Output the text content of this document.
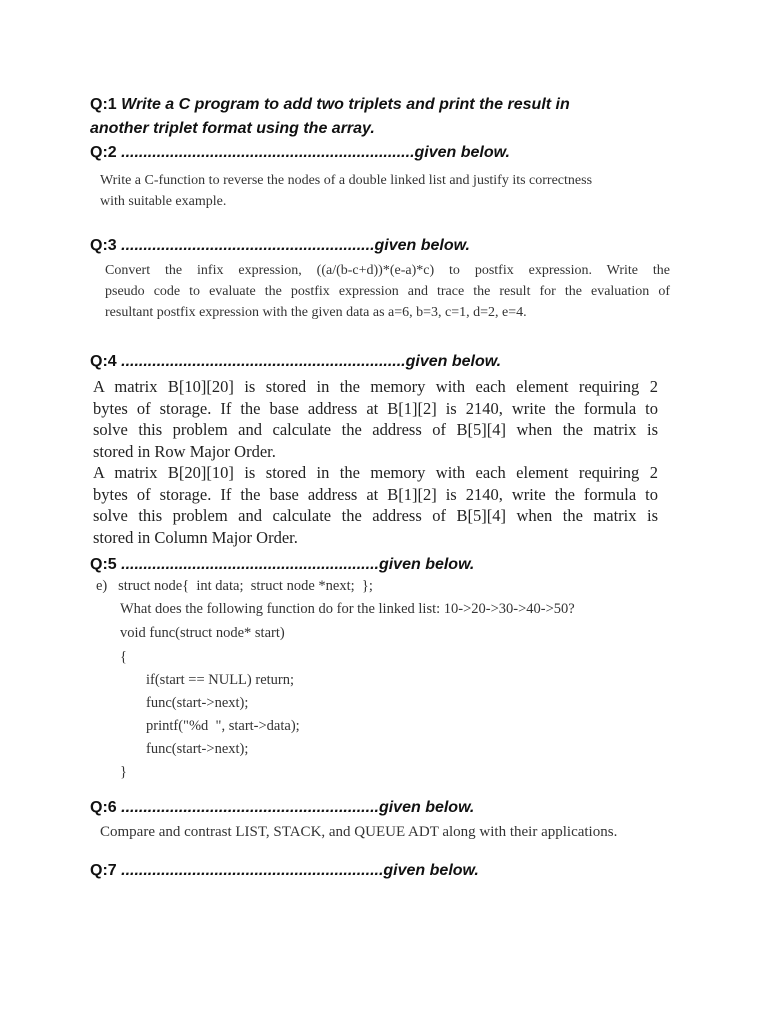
Q:1 Write a C program to add two triplets and print the result in

another triplet format using the array.

Q:2 ..................................................................given below.

Write a C-function to reverse the nodes of a double linked list and justify its correctness
with suitable example.

Q:3 .........................................................given below.

Convert the infix expression, ((a/(b-c+d))*(e-a)*c) to postfix expression. Write the
pseudo code to evaluate the postfix expression and trace the result for the evaluation of
resultant postfix expression with the given data as a=6, b=3, c=1, d=2, e=4.

Q:4 ................................................................given below.

A matrix B[10][20] is stored in the memory with each element requiring 2
bytes of storage. If the base address at B[1][2] is 2140, write the formula to
solve this problem and calculate the address of B[5][4] when the matrix is
stored in Row Major Order.
A matrix B[20][10] is stored in the memory with each element requiring 2
bytes of storage. If the base address at B[1][2] is 2140, write the formula to
solve this problem and calculate the address of B[5][4] when the matrix is
stored in Column Major Order.

Q:5 ..........................................................given below.

e)   struct node{  int data;  struct node *next;  };
What does the following function do for the linked list: 10->20->30->40->50?
void func(struct node* start)
{
if(start == NULL) return;
func(start->next);
printf("%d  ", start->data);
func(start->next);
}

Q:6 ..........................................................given below.

Compare and contrast LIST, STACK, and QUEUE ADT along with their applications.

Q:7 ...........................................................given below.
